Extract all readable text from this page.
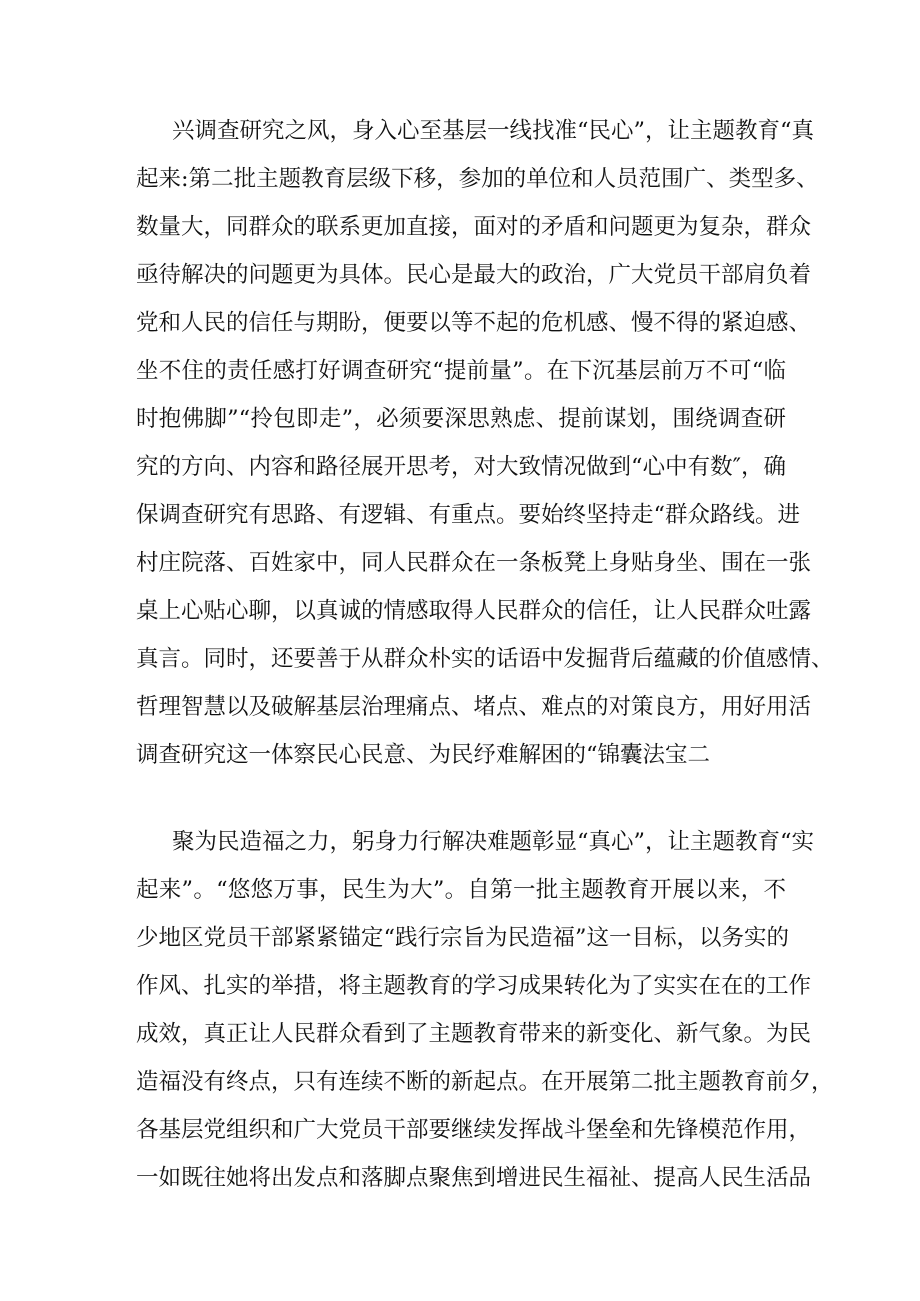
兴调查研究之风，身入心至基层一线找准“民心”，让主题教育“真
起来:第二批主题教育层级下移，参加的单位和人员范围广、类型多、
数量大，同群众的联系更加直接，面对的矛盾和问题更为复杂，群众
亟待解决的问题更为具体。民心是最大的政治，广大党员干部肩负着
党和人民的信任与期盼，便要以等不起的危机感、慢不得的紧迫感、
坐不住的责任感打好调查研究“提前量”。在下沉基层前万不可“临
时抱佛脚”“拎包即走”，必须要深思熟虑、提前谋划，围绕调查研
究的方向、内容和路径展开思考，对大致情况做到“心中有数″，确
保调查研究有思路、有逻辑、有重点。要始终坚持走“群众路线。进
村庄院落、百姓家中，同人民群众在一条板凳上身贴身坐、围在一张
桌上心贴心聊，以真诚的情感取得人民群众的信任，让人民群众吐露
真言。同时，还要善于从群众朴实的话语中发掘背后蕴藏的价值感情、
哲理智慧以及破解基层治理痛点、堵点、难点的对策良方，用好用活
调查研究这一体察民心民意、为民纾难解困的“锦囊法宝二
聚为民造福之力，躬身力行解决难题彰显“真心”，让主题教育“实
起来”。“悠悠万事，民生为大”。自第一批主题教育开展以来，不
少地区党员干部紧紧锚定“践行宗旨为民造福”这一目标，以务实的
作风、扎实的举措，将主题教育的学习成果转化为了实实在在的工作
成效，真正让人民群众看到了主题教育带来的新变化、新气象。为民
造福没有终点，只有连续不断的新起点。在开展第二批主题教育前夕，
各基层党组织和广大党员干部要继续发挥战斗堡垒和先锋模范作用，
一如既往她将出发点和落脚点聚焦到增进民生福祉、提高人民生活品
